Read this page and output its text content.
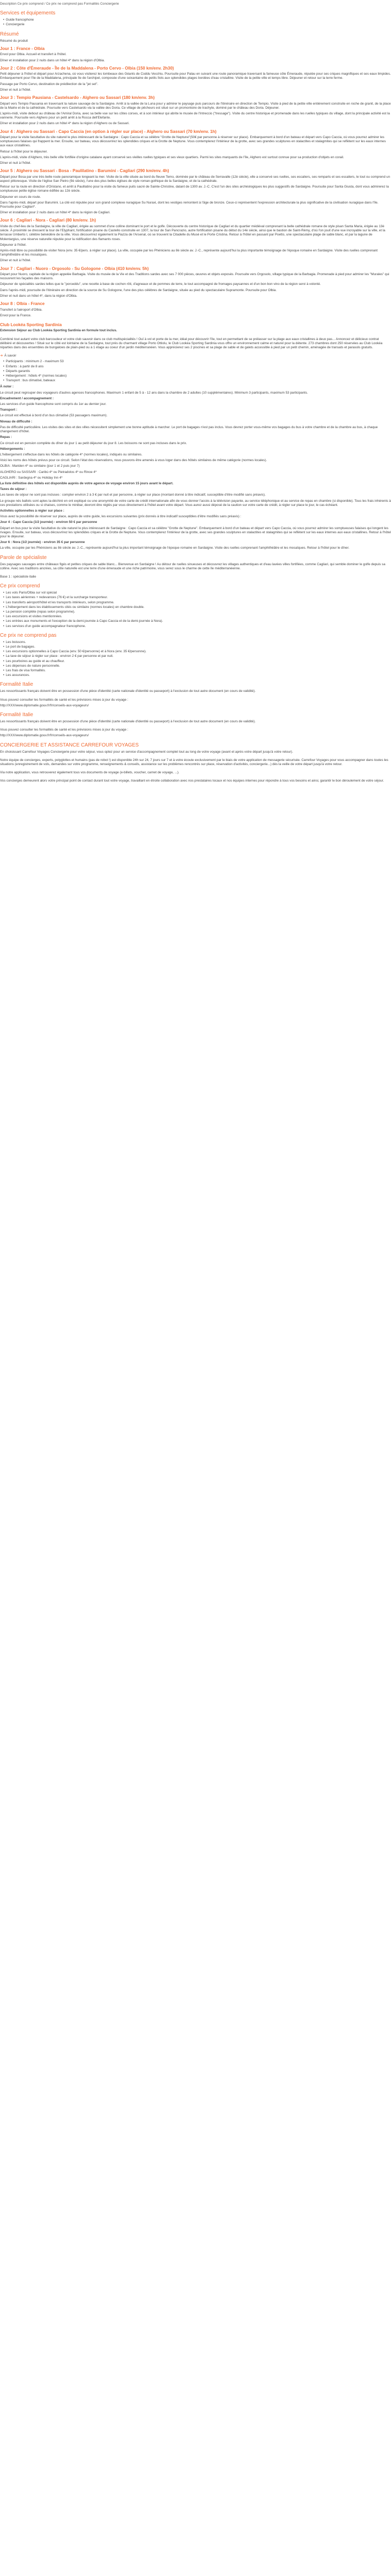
Description Ce prix comprend / Ce prix ne comprend pas Formalités Conciergerie
Services et équipements
• Guide francophone
• Conciergerie
Résumé

Résumé du produit

Jour 1 : France - Olbia

Envol pour Olbia. Accueil et transfert à l'hôtel.

Dîner et installation pour 2 nuits dans un hôtel 4* dans la région d'Olbia.

Jour 2 : Côte d'Émeraude - Île de la Maddalena - Porto Cervo - Olbia (150 km/env. 2h30)

Petit déjeuner à l'hôtel et départ pour Arzachena, où vous visiterez les tombeaux des Géants de Coddu Vecchiu. Poursuite pour Palau en suivant une route panoramique traversant la fameuse côte Émeraude, réputée pour ses criques magnifiques et ses eaux limpides. Embarquement pour l'île de la Maddalena, principale île de l'archipel, composée d'une soixantaine de petits îlots aux splendides plages bordées d'eau cristalline. Visite de la petite ville et temps libre. Déjeuner et retour sur la terre ferme.

Passage par Porto Cervo, destination de prédilection de la "jet set".

Dîner et nuit à l'hôtel.

Jour 3 : Tempio Pausiana - Castelsardo - Alghero ou Sassari (180 km/env. 3h)

Départ vers Tempio Pausania en traversant la nature sauvage de la Sardaigne. Arrêt à la vallée de la Luna pour y admirer le paysage puis parcours de l'itinéraire en direction de Tempio. Visite à pied de la petite ville entièrement construite en roche de granit, de la place de la Mairie et de la cathédrale. Poursuite vers Castelsardo via la vallée des Doria. Ce village de pêcheurs est situé sur un promontoire de trachyte, dominé par le château des Doria. Déjeuner.

L'après-midi, visite debout au château de l'Amiral Doria, avec sa belle vue sur les côtes corses, et à son intérieur qui abrite le musée de l'Intreccio ("tressage"). Visite du centre historique et promenade dans les ruelles typiques du village, dont la principale activité est la vannerie. Poursuite vers Alghero pour un petit arrêt à la Rocca dell'Elefante.

Dîner et installation pour 2 nuits dans un hôtel 4* dans la région d'Alghero ou de Sassari.

Jour 4 : Alghero ou Sassari - Capo Caccia (en option à régler sur place) - Alghero ou Sassari (70 km/env. 1h)

Départ pour la visite facultative du site naturel le plus intéressant de la Sardaigne : Capo Caccia et sa célèbre "Grotte de Neptune"(50€ par personne à réserver sur place). Embarquement à bord d'un bateau et départ vers Capo Caccia, où vous pourrez admirer les somptueuses falaises qui frappent la mer. Ensuite, sur bateau, vous découvrirez les splendides criques et la Grotte de Neptune. Vous contemplerez l'intérieur de la grotte, avec ses grandes sculptures en stalactites et stalagmites qui se reflètent sur les eaux internes aux eaux cristallines.

Retour à l'hôtel pour le déjeuner.

L'après-midi, visite d'Alghero, très belle ville fortifiée d'origine catalane ayant conservé ses vieilles ruelles typiques et ses vieux quartiers. Parmi les sites marquants de l'île, Alghero est surtout connue pour sa production d'objets en corail.

Dîner et nuit à l'hôtel.

Jour 5 : Alghero ou Sassari - Bosa - Paulilatino - Barumini - Cagliari (290 km/env. 4h)

Départ pour Bosa par une très belle route panoramique longeant la mer. Visite de la ville située au bord du fleuve Temo, dominée par le château de Serravalle (12è siècle), elle a conservé ses ruelles, ses escaliers, ses remparts et ses escaliers, le tout ou comprend un aspect pittoresque. Visite de l'église San Pietro (9è siècle), l'une des plus belles églises de style roman-gothique de la Sardaigne, et de la cathédrale.

Retour sur la route en direction d'Oristano, et arrêt à Paulilatino pour la visite du fameux puits sacré de Sainte-Christine, datant de 1300 av. J.-C. C'est l'un des sites archéologiques les plus suggestifs de Sardaigne. Poursuite pour Santa Giusta, dont vous admirerez la somptueuse petite église romane édifiée au 12è siècle.

Déjeuner en cours de route.

Dans l'après-midi, départ pour Barumini. La cité est réputée pour son grand complexe nuragique Su Nuraxi, dont les vestiges remontent à l'âge de bronze. Ceux-ci représentent l'expression architecturale la plus significative de la civilisation nuragique dans l'île. Poursuite pour Cagliari*.

Dîner et installation pour 2 nuits dans un hôtel 4* dans la région de Cagliari.

Jour 6 : Cagliari - Nora - Cagliari (80 km/env. 1h)

Visite du chef-lieu de la Sardaigne, la ville de Cagliari, érigée au sommet d'une colline dominant le port et le golfe. Découverte du centre historique de Cagliari et du quartier médiéval comprenant la belle cathédrale romane de style pisan Santa Maria, érigée au 13è siècle. À proximité se dressent la tour de l'Elyphant, fortification pisane du Castello construite en 1307, la tour de San Pancrazio, autre fortification pisane du début du 14è siècle, ainsi que le bastion de Saint-Rémy, d'où l'on jouit d'une vue incroyable sur la ville, et la terrasse Umberto I, célèbre belvédère de la ville. Vous découvrirez également la Piazza de l'Arsenal, où se trouvent la Citadelle du Musé et le Porte Cristina. Retour à l'hôtel en passant par Poetto, une spectaculaire plage de sable blanc, et par la lagune de Molentargius, une réserve naturelle réputée pour la nidification des flamants roses.

Déjeuner à l'hôtel.

Après-midi libre ou possibilité de visiter Nora (env. 35 €/pers. à régler sur place). La ville, occupée par les Phéniciens au 8è siècle av. J.-C., représente aujourd'hui la plus importante témoignage de l'époque romaine en Sardaigne. Visite des ruelles comprenant l'amphithéâtre et les mosaïques.

Dîner et nuit à l'hôtel.

Jour 7 : Cagliari - Nuoro - Orgosolo - Su Gologone - Olbia (410 km/env. 5h)

Départ pour Nuoro, capitale de la région appelée Barbagia. Visite du musée de la Vie et des Traditions sardes avec ses 7 000 pièces, œuvres et objets exposés. Poursuite vers Orgosolo, village typique de la Barbagia. Promenade à pied pour admirer les "Murales" qui recouvrent les façades des maisons.

Déjeuner de spécialités sardes telles que le "porceddu", une recette à base de cochon rôti, d'agneaux et de pommes de terre, le tout accompagné de fromages paysannes et d'un bon bon vino de la région servi à volonté.

Dans l'après-midi, poursuite de l'itinéraire en direction de la source de Su Gologone, l'une des plus célèbres de Sardaigne, située au pied du spectaculaire Supramonte. Poursuite pour Olbia.

Dîner et nuit dans un hôtel 4*, dans la région d'Olbia.

Jour 8 : Olbia - France

Transfert à l'aéroport d'Olbia.

Envol pour la France.

Club Lookéa Sporting Sardinia

Extension Séjour au Club Lookéa Sporting Sardinia en formule tout inclus.

Combiné tout autant votre club barcoudeur et votre club sauvoir dans ce club multispécialités ! Ouï à vol et porte de la mer, idéal pour découvrir l'île, tout en permettant de se prélasser sur la plage aux eaux cristallines à deux pas... Annoncez et délicieux contrat délibéré et découvertes ! Situé sur le côté est lointaine de la Sardaigne, tout près du charmant village Porto Ottiolu, le Club Lookéa Sporting Sardinia vous offre un environnement calme et naturel pour la détente. 273 chambres dont 250 réservées au Club Lookéa réparties dans des ensembles de bungalows de plain-pied ou à 1 étage au coeur d'un jardin méditerranéen. Vous apprécierez ses 2 piscines et sa plage de sable et de galets accessible à pied par un petit chemin, aménagée de transats et parasols gratuits.

➜ À savoir

• Participants : minimum 2 - maximum 53
• Enfants : à partir de 8 ans
• Départs garantis
• Hébergement : hôtels 4* (normes locales)
• Transport : bus climatisé, bateaux

À noter :

Le circuit peut regrouper des voyageurs d'autres agences francophones. Maximum 1 enfant de 5 à - 12 ans dans la chambre de 2 adultes (10 supplémentaires). Minimum 3 participants, maximum 53 participants.

Encadrement / accompagnement :

Les services d'un guide francophone sont compris du 1er au dernier jour.

Transport :

Le circuit est effectué à bord d'un bus climatisé (53 passagers maximum).

Niveau de difficulté :

Pas de difficulté particulière. Les visites des sites et des villes nécessitent simplement une bonne aptitude à marcher. Le port de bagages n'est pas inclus. Vous devrez porter vous-même vos bagages du bus à votre chambre et de la chambre au bus, à chaque changement d'hôtel.

Repas :

Ce circuit est en pension complète du dîner du jour 1 au petit déjeuner du jour 8. Les boissons ne sont pas incluses dans le prix.

Hébergements :

L'hébergement s'effectue dans les hôtels de catégorie 4* (normes locales), indiqués ou similaires.

Voici les noms des hôtels prévus pour ce circuit. Selon l'état des réservations, nous pouvons être amenés à vous loger dans des hôtels similaires de même catégorie (normes locales).

OLBIA : Mariden 4* ou similaire (jour 1 et 2 puis jour 7)

ALGHERO ou SASSARI : Caribù 4* ou Pietradolos 4* ou Rinoe 4*

CAGLIARI : Sardegna 4* ou Holiday Inn 4*

La liste définitive des hôtels est disponible auprès de votre agence de voyage environ 15 jours avant le départ.

Taxes de séjour :

Les taxes de séjour ne sont pas incluses : compter environ 2 à 3 € par nuit et par personne, à régler sur place (montant donné à titre indicatif, susceptible d'être modifié sans préavis).

Le groupe nés ballots sont aptes la-déchiré en ont expliqué ou une anonymité de votre carte de crédit internationale afin de vous donner l'accès à la télévision payante, au service téléphonique et au service de repas en chambre (si disponible). Tous les frais inhérents à ces prestations utilisées ou si chaises, comme le minibar, devront être réglés par vous directement à l'hôtel avant votre départ. Vous aurez aussi déposé de la caution sur votre carte de crédit, à régler sur place le jour, le cas échéant.

Activités optionnelles à régler sur place :

Vous avez la possibilité de réserver sur place, auprès de votre guide, les excursions suivantes (prix donnés à titre indicatif susceptibles d'être modifiés sans préavis) :

Jour 4 : Capo Caccia (1/2 journée) - environ 50 € par personne

Départ en bus pour la visite facultative du site naturel le plus intéressant de Sardaigne : Capo Caccia et sa célèbre "Grotte de Neptune". Embarquement à bord d'un bateau et départ vers Capo Caccia, où vous pourrez admirer les somptueuses falaises qui longent les rivages. Ensuite, sur bateau, vous découvrirez les splendides criques et la Grotte de Neptune. Vous contemplerez l'intérieur de la grotte, avec ses grandes sculptures en stalactites et stalagmites qui se reflètent sur les eaux internes aux eaux cristallines. Retour à l'hôtel pour le déjeuner.

Jour 6 : Nora (1/2 journée) - environ 35 € par personne

La ville, occupée par les Phéniciens au 8è siècle av. J.-C., représente aujourd'hui la plus important témoignage de l'époque romaine en Sardaigne. Visite des ruelles comprenant l'amphithéâtre et les mosaïques. Retour à l'hôtel pour le dîner.

Parole de spécialiste

Des paysages sauvages entre châteaux figés et petites criques de sable blanc... Bienvenue en Sardaigne ! Au détour de ruelles sinueuses et découvrez les villages authentiques et d'eau lavées villes fortifiées, comme Cagliari, qui semble dominer le golfe depuis sa colline. Avec ses traditions ancrées, sa côte naturelle est une terre d'une émeraude et une riche patrimoine, vous serez sous le charme de cette île méditerranéenne.

Base 1 : spécialiste italie

Ce prix comprend
• Les vols Paris/Olbia sur vol spécial
• Les taxes aériennes + redevances (76 €) et la surcharge transporteur.
• Les transferts aéroport/hôtel et les transports intérieurs, selon programme.
• L'hébergement dans les établissements cités ou similaire (normes locales) en chambre double.
• La pension complète (repas selon programme).
• Les excursions et visites mentionnées.
• Les entrées aux monuments et l'exception de la demi-journée à Capo Caccia et de la demi-journée à Nora).
• Les services d'un guide accompagnateur francophone.
Ce prix ne comprend pas
• Les boissons.
• Le port de bagages.
• Les excursions optionnelles à Capo Caccia (env. 50 €/personne) et à Nora (env. 35 €/personne).
• La taxe de séjour à régler sur place : environ 2 € par personne et par nuit.
• Les pourboires au guide et au chauffeur.
• Les dépenses de nature personnelle.
• Les frais de visa formalités.
• Les assurances.
Formalité Italie

Les ressortissants français doivent être en possession d'une pièce d'identité (carte nationale d'identité ou passeport) à l'exclusion de tout autre document (en cours de validité).

Vous pouvez consulter les formalités de santé et les prévisions mises à jour du voyage :

http://XXX/www.diplomatie.gouv.fr/fr/conseils-aux-voyageurs/

Formalité Italie

Les ressortissants français doivent être en possession d'une pièce d'identité (carte nationale d'identité ou passeport) à l'exclusion de tout autre document (en cours de validité).

Vous pouvez consulter les formalités de santé et les prévisions mises à jour du voyage :

http://XXX/www.diplomatie.gouv.fr/fr/conseils-aux-voyageurs/

CONCIERGERIE ET ASSISTANCE CARREFOUR VOYAGES

En choisissant Carrefour Voyages Conciergerie pour votre séjour, vous optez pour un service d'accompagnement complet tout au long de votre voyage (avant et après votre départ jusqu'à votre retour).

Notre équipe de concierges, experts, polyglottes et humains (pas de robot !) est disponible 24h sur 24, 7 jours sur 7 et à votre écoute exclusivement par le biais de votre application de messagerie sécurisée. Carrefour Voyages pour vous accompagner dans toutes les situations (enregistrement de vols, demandes sur votre programme, renseignements & conseils, assistance sur les problèmes rencontrés sur place, réservation d'activités, conciergerie...) dès la veille de votre départ jusqu'à votre retour.

Via notre application, vous retrouverez également tous vos documents de voyage (e-billets, voucher, carnet de voyage, ...).

Vos concierges demeurent alors votre principal point de contact durant tout votre voyage, travaillant en étroite collaboration avec nos prestataires locaux et nos équipes internes pour répondre à tous vos besoins et ainsi, garantir le bon déroulement de votre séjour.
